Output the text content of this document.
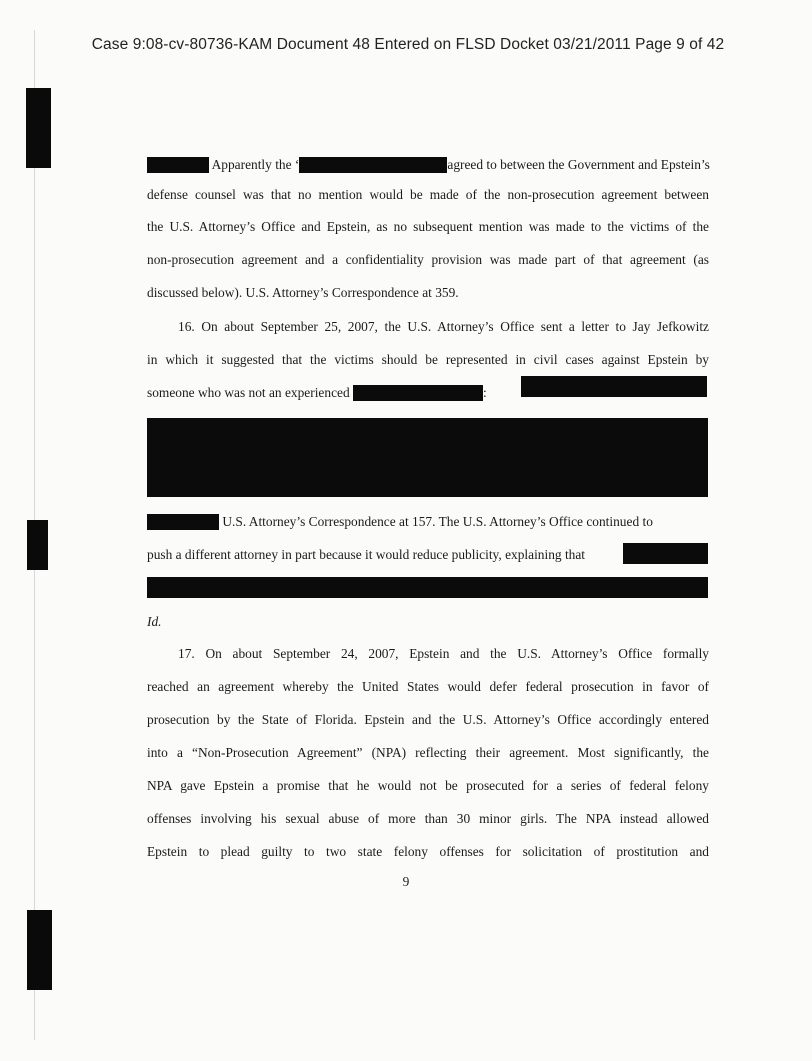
Case 9:08-cv-80736-KAM Document 48 Entered on FLSD Docket 03/21/2011 Page 9 of 42
Apparently the ‘	agreed to between the Government and Epstein’s
defense counsel was that no mention would be made of the non-prosecution agreement between
the U.S. Attorney’s Office and Epstein, as no subsequent mention was made to the victims of the
non-prosecution agreement and a confidentiality provision was made part of that agreement (as
discussed below). U.S. Attorney’s Correspondence at 359.
16. On about September 25, 2007, the U.S. Attorney’s Office sent a letter to Jay Jefkowitz
in which it suggested that the victims should be represented in civil cases against Epstein by
someone who was not an experienced	:
U.S. Attorney’s Correspondence at 157. The U.S. Attorney’s Office continued to
push a different attorney in part because it would reduce publicity, explaining that
Id.
17. On about September 24, 2007, Epstein and the U.S. Attorney’s Office formally
reached an agreement whereby the United States would defer federal prosecution in favor of
prosecution by the State of Florida. Epstein and the U.S. Attorney’s Office accordingly entered
into a “Non-Prosecution Agreement” (NPA) reflecting their agreement. Most significantly, the
NPA gave Epstein a promise that he would not be prosecuted for a series of federal felony
offenses involving his sexual abuse of more than 30 minor girls. The NPA instead allowed
Epstein to plead guilty to two state felony offenses for solicitation of prostitution and
9
